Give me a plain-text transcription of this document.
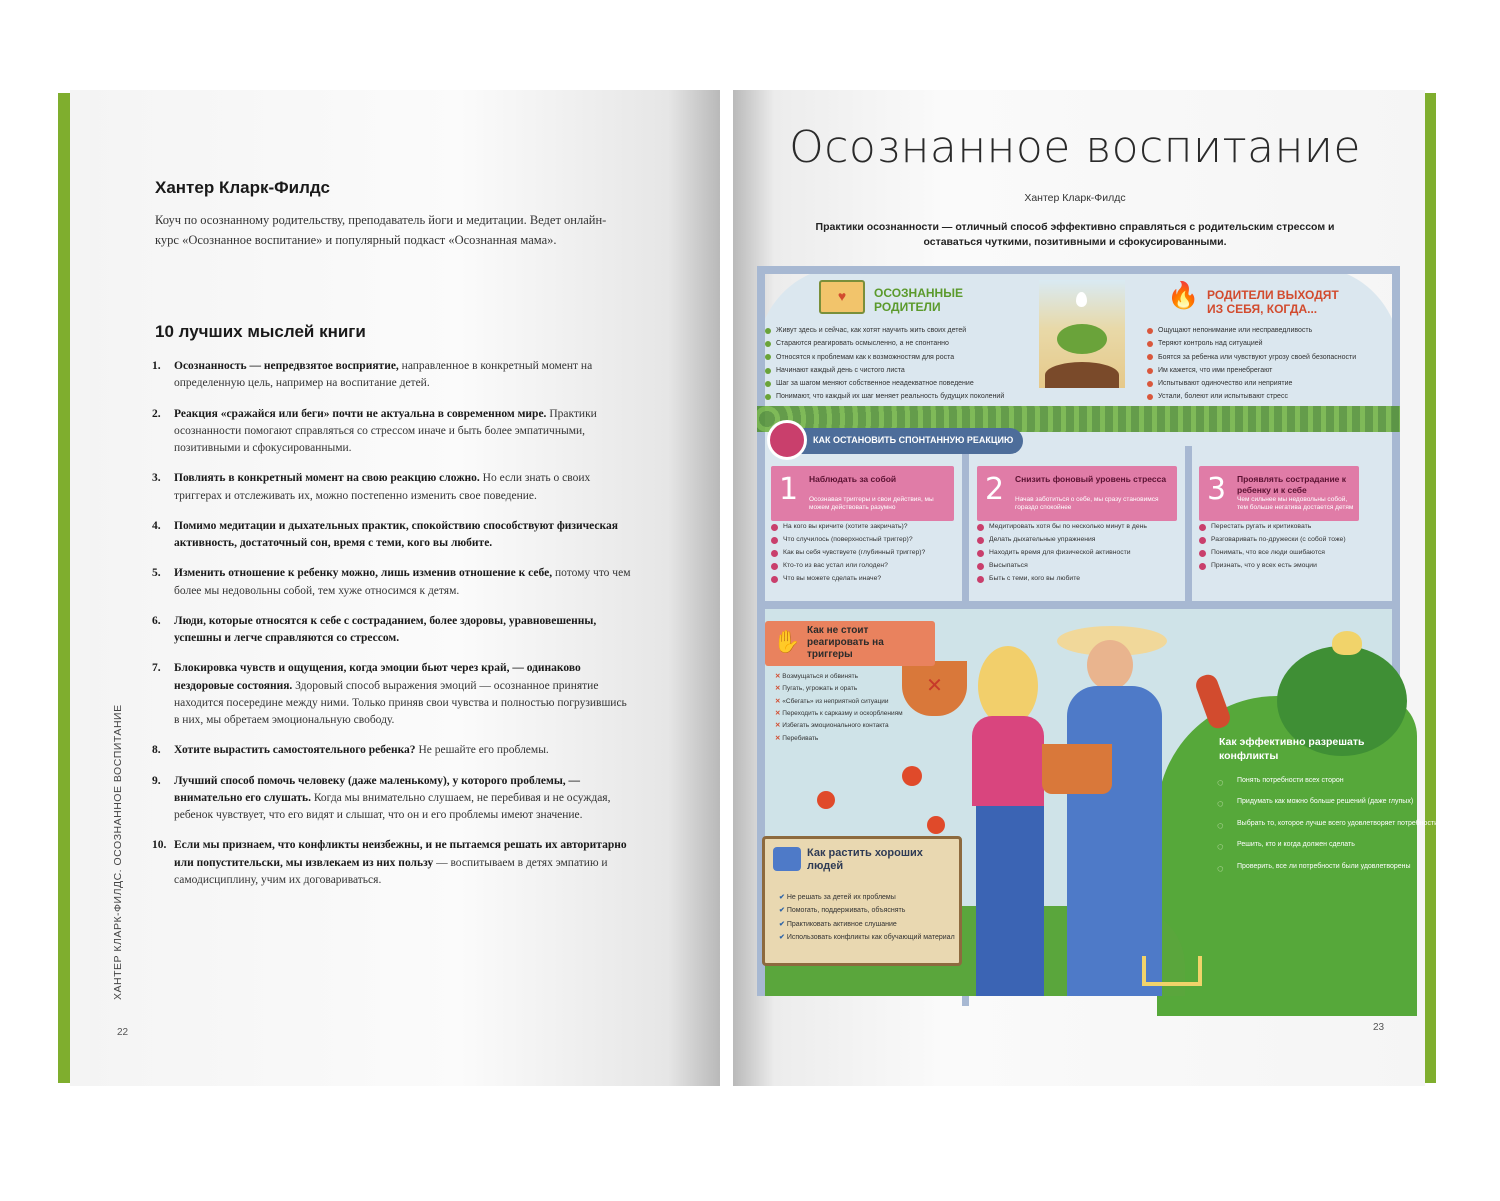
Хантер Кларк-Филдс
Коуч по осознанному родительству, преподаватель йоги и медитации. Ведет онлайн-курс «Осознанное воспитание» и популярный подкаст «Осознанная мама».
10 лучших мыслей книги
1.	Осознанность — непредвзятое восприятие, направленное в конкретный момент на определенную цель, например на воспитание детей.
2.	Реакция «сражайся или беги» почти не актуальна в современном мире. Практики осознанности помогают справляться со стрессом иначе и быть более эмпатичными, позитивными и сфокусированными.
3.	Повлиять в конкретный момент на свою реакцию сложно. Но если знать о своих триггерах и отслеживать их, можно постепенно изменить свое поведение.
4.	Помимо медитации и дыхательных практик, спокойствию способствуют физическая активность, достаточный сон, время с теми, кого вы любите.
5.	Изменить отношение к ребенку можно, лишь изменив отношение к себе, потому что чем более мы недовольны собой, тем хуже относимся к детям.
6.	Люди, которые относятся к себе с состраданием, более здоровы, уравновешенны, успешны и легче справляются со стрессом.
7.	Блокировка чувств и ощущения, когда эмоции бьют через край, — одинаково нездоровые состояния. Здоровый способ выражения эмоций — осознанное принятие находится посередине между ними. Только приняв свои чувства и полностью погрузившись в них, мы обретаем эмоциональную свободу.
8.	Хотите вырастить самостоятельного ребенка? Не решайте его проблемы.
9.	Лучший способ помочь человеку (даже маленькому), у которого проблемы, — внимательно его слушать. Когда мы внимательно слушаем, не перебивая и не осуждая, ребенок чувствует, что его видят и слышат, что он и его проблемы имеют значение.
10. Если мы признаем, что конфликты неизбежны, и не пытаемся решать их авторитарно или попустительски, мы извлекаем из них пользу — воспитываем в детях эмпатию и самодисциплину, учим их договариваться.
ХАНТЕР КЛАРК-ФИЛДС. ОСОЗНАННОЕ ВОСПИТАНИЕ
22
Осознанное воспитание
Хантер Кларк-Филдс
Практики осознанности — отличный способ эффективно справляться с родительским стрессом и оставаться чуткими, позитивными и сфокусированными.
♥	ОСОЗНАННЫЕ РОДИТЕЛИ
Живут здесь и сейчас, как хотят научить жить своих детей
Стараются реагировать осмысленно, а не спонтанно
Относятся к проблемам как к возможностям для роста
Начинают каждый день с чистого листа
Шаг за шагом меняют собственное неадекватное поведение
Понимают, что каждый их шаг меняет реальность будущих поколений
🔥 РОДИТЕЛИ ВЫХОДЯТ ИЗ СЕБЯ, КОГДА...
Ощущают непонимание или несправедливость
Теряют контроль над ситуацией
Боятся за ребенка или чувствуют угрозу своей безопасности
Им кажется, что ими пренебрегают
Испытывают одиночество или неприятие
Устали, болеют или испытывают стресс
КАК ОСТАНОВИТЬ СПОНТАННУЮ РЕАКЦИЮ
1 Наблюдать за собой
Осознавая триггеры и свои действия, мы можем действовать разумно
2 Снизить фоновый уровень стресса
Начав заботиться о себе, мы сразу становимся гораздо спокойнее
3 Проявлять сострадание к ребенку и к себе
Чем сильнее мы недовольны собой, тем больше негатива достается детям
На кого вы кричите (хотите закричать)?
Что случилось (поверхностный триггер)?
Как вы себя чувствуете (глубинный триггер)?
Кто-то из вас устал или голоден?
Что вы можете сделать иначе?
Медитировать хотя бы по несколько минут в день
Делать дыхательные упражнения
Находить время для физической активности
Высыпаться
Быть с теми, кого вы любите
Перестать ругать и критиковать
Разговаривать по-дружески (с собой тоже)
Понимать, что все люди ошибаются
Признать, что у всех есть эмоции
✕
✋ Как не стоит реагировать на триггеры
✕ Возмущаться и обвинять
✕ Пугать, угрожать и орать
✕ «Сбегать» из неприятной ситуации
✕ Переходить к сарказму и оскорблениям
✕ Избегать эмоционального контакта
✕ Перебивать
Как растить хороших людей
✔ Не решать за детей их проблемы
✔ Помогать, поддерживать, объяснять
✔ Практиковать активное слушание
✔ Использовать конфликты как обучающий материал
Как эффективно разрешать конфликты
◌ Понять потребности всех сторон
◌ Придумать как можно больше решений (даже глупых)
◌ Выбрать то, которое лучше всего удовлетворяет потребности каждого
◌ Решить, кто и когда должен сделать
◌ Проверить, все ли потребности были удовлетворены
23
